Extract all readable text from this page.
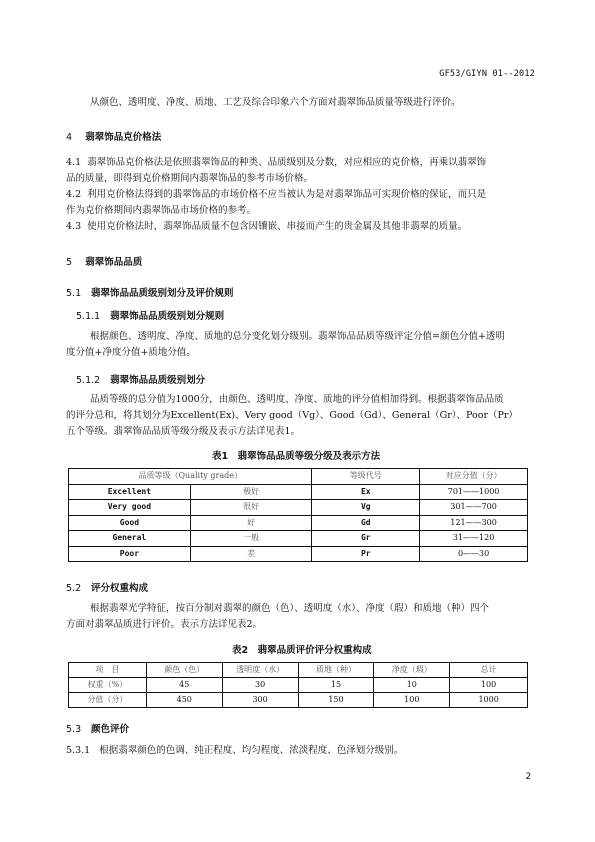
GF53/GIYN 01--2012
从颜色、透明度、净度、质地、工艺及综合印象六个方面对翡翠饰品质量等级进行评价。
4 翡翠饰品克价格法
4.1 翡翠饰品克价格法是依照翡翠饰品的种类、品质级别及分数，对应相应的克价格，再乘以翡翠饰
品的质量，即得到克价格期间内翡翠饰品的参考市场价格。
4.2 利用克价格法得到的翡翠饰品的市场价格不应当被认为是对翡翠饰品可实现价格的保证，而只是
作为克价格期间内翡翠饰品市场价格的参考。
4.3 使用克价格法时，翡翠饰品质量不包含因镶嵌、串接而产生的贵金属及其他非翡翠的质量。
5 翡翠饰品品质
5.1 翡翠饰品品质级别划分及评价规则
5.1.1 翡翠饰品品质级别划分规则
根据颜色、透明度、净度、质地的总分变化划分级别。翡翠饰品品质等级评定分值=颜色分值+透明
度分值+净度分值+质地分值。
5.1.2 翡翠饰品品质级别划分
品质等级的总分值为1000分，由颜色、透明度、净度、质地的评分值相加得到。根据翡翠饰品品质
的评分总和，将其划分为Excellent(Ex)、Very good（Vg）、Good（Gd）、General（Gr）、Poor（Pr）
五个等级。翡翠饰品品质等级分级及表示方法详见表1。
表1　翡翠饰品品质等级分级及表示方法
品质等级（Quality grade）		等级代号	对应分值（分）
Excellent	极好	Ex	701——1000
Very good	很好	Vg	301——700
Good	好	Gd	121——300
General	一般	Gr	31——120
Poor	差	Pr	0——30
5.2 评分权重构成
根据翡翠光学特征，按百分制对翡翠的颜色（色）、透明度（水）、净度（瑕）和质地（种）四个
方面对翡翠品质进行评价。表示方法详见表2。
表2　翡翠品质评价评分权重构成
项　目	颜色（色）	透明度（水）	质地（种）	净度（瑕）	总计
权重（%）	45	30	15	10	100
分值（分）	450	300	150	100	1000
5.3 颜色评价
5.3.1 根据翡翠颜色的色调、纯正程度、均匀程度、浓淡程度、色泽划分级别。
2
